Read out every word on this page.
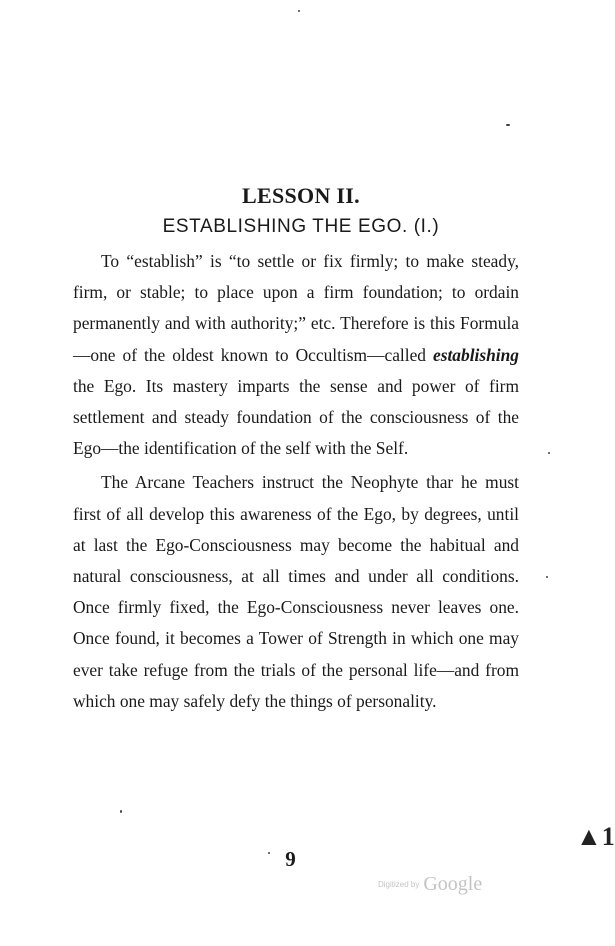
LESSON II.
ESTABLISHING THE EGO. (I.)

To “establish” is “to settle or fix firmly; to make steady, firm, or stable; to place upon a firm foundation; to ordain permanently and with authority;” etc. Therefore is this Formula—one of the oldest known to Occultism—called establishing the Ego. Its mastery imparts the sense and power of firm settlement and steady foundation of the consciousness of the Ego—the identification of the self with the Self.

The Arcane Teachers instruct the Neophyte thar he must first of all develop this awareness of the Ego, by degrees, until at last the Ego-Consciousness may become the habitual and natural consciousness, at all times and under all conditions. Once firmly fixed, the Ego-Consciousness never leaves one. Once found, it becomes a Tower of Strength in which one may ever take refuge from the trials of the personal life—and from which one may safely defy the things of personality.

9
Digitized by Google
▲1
